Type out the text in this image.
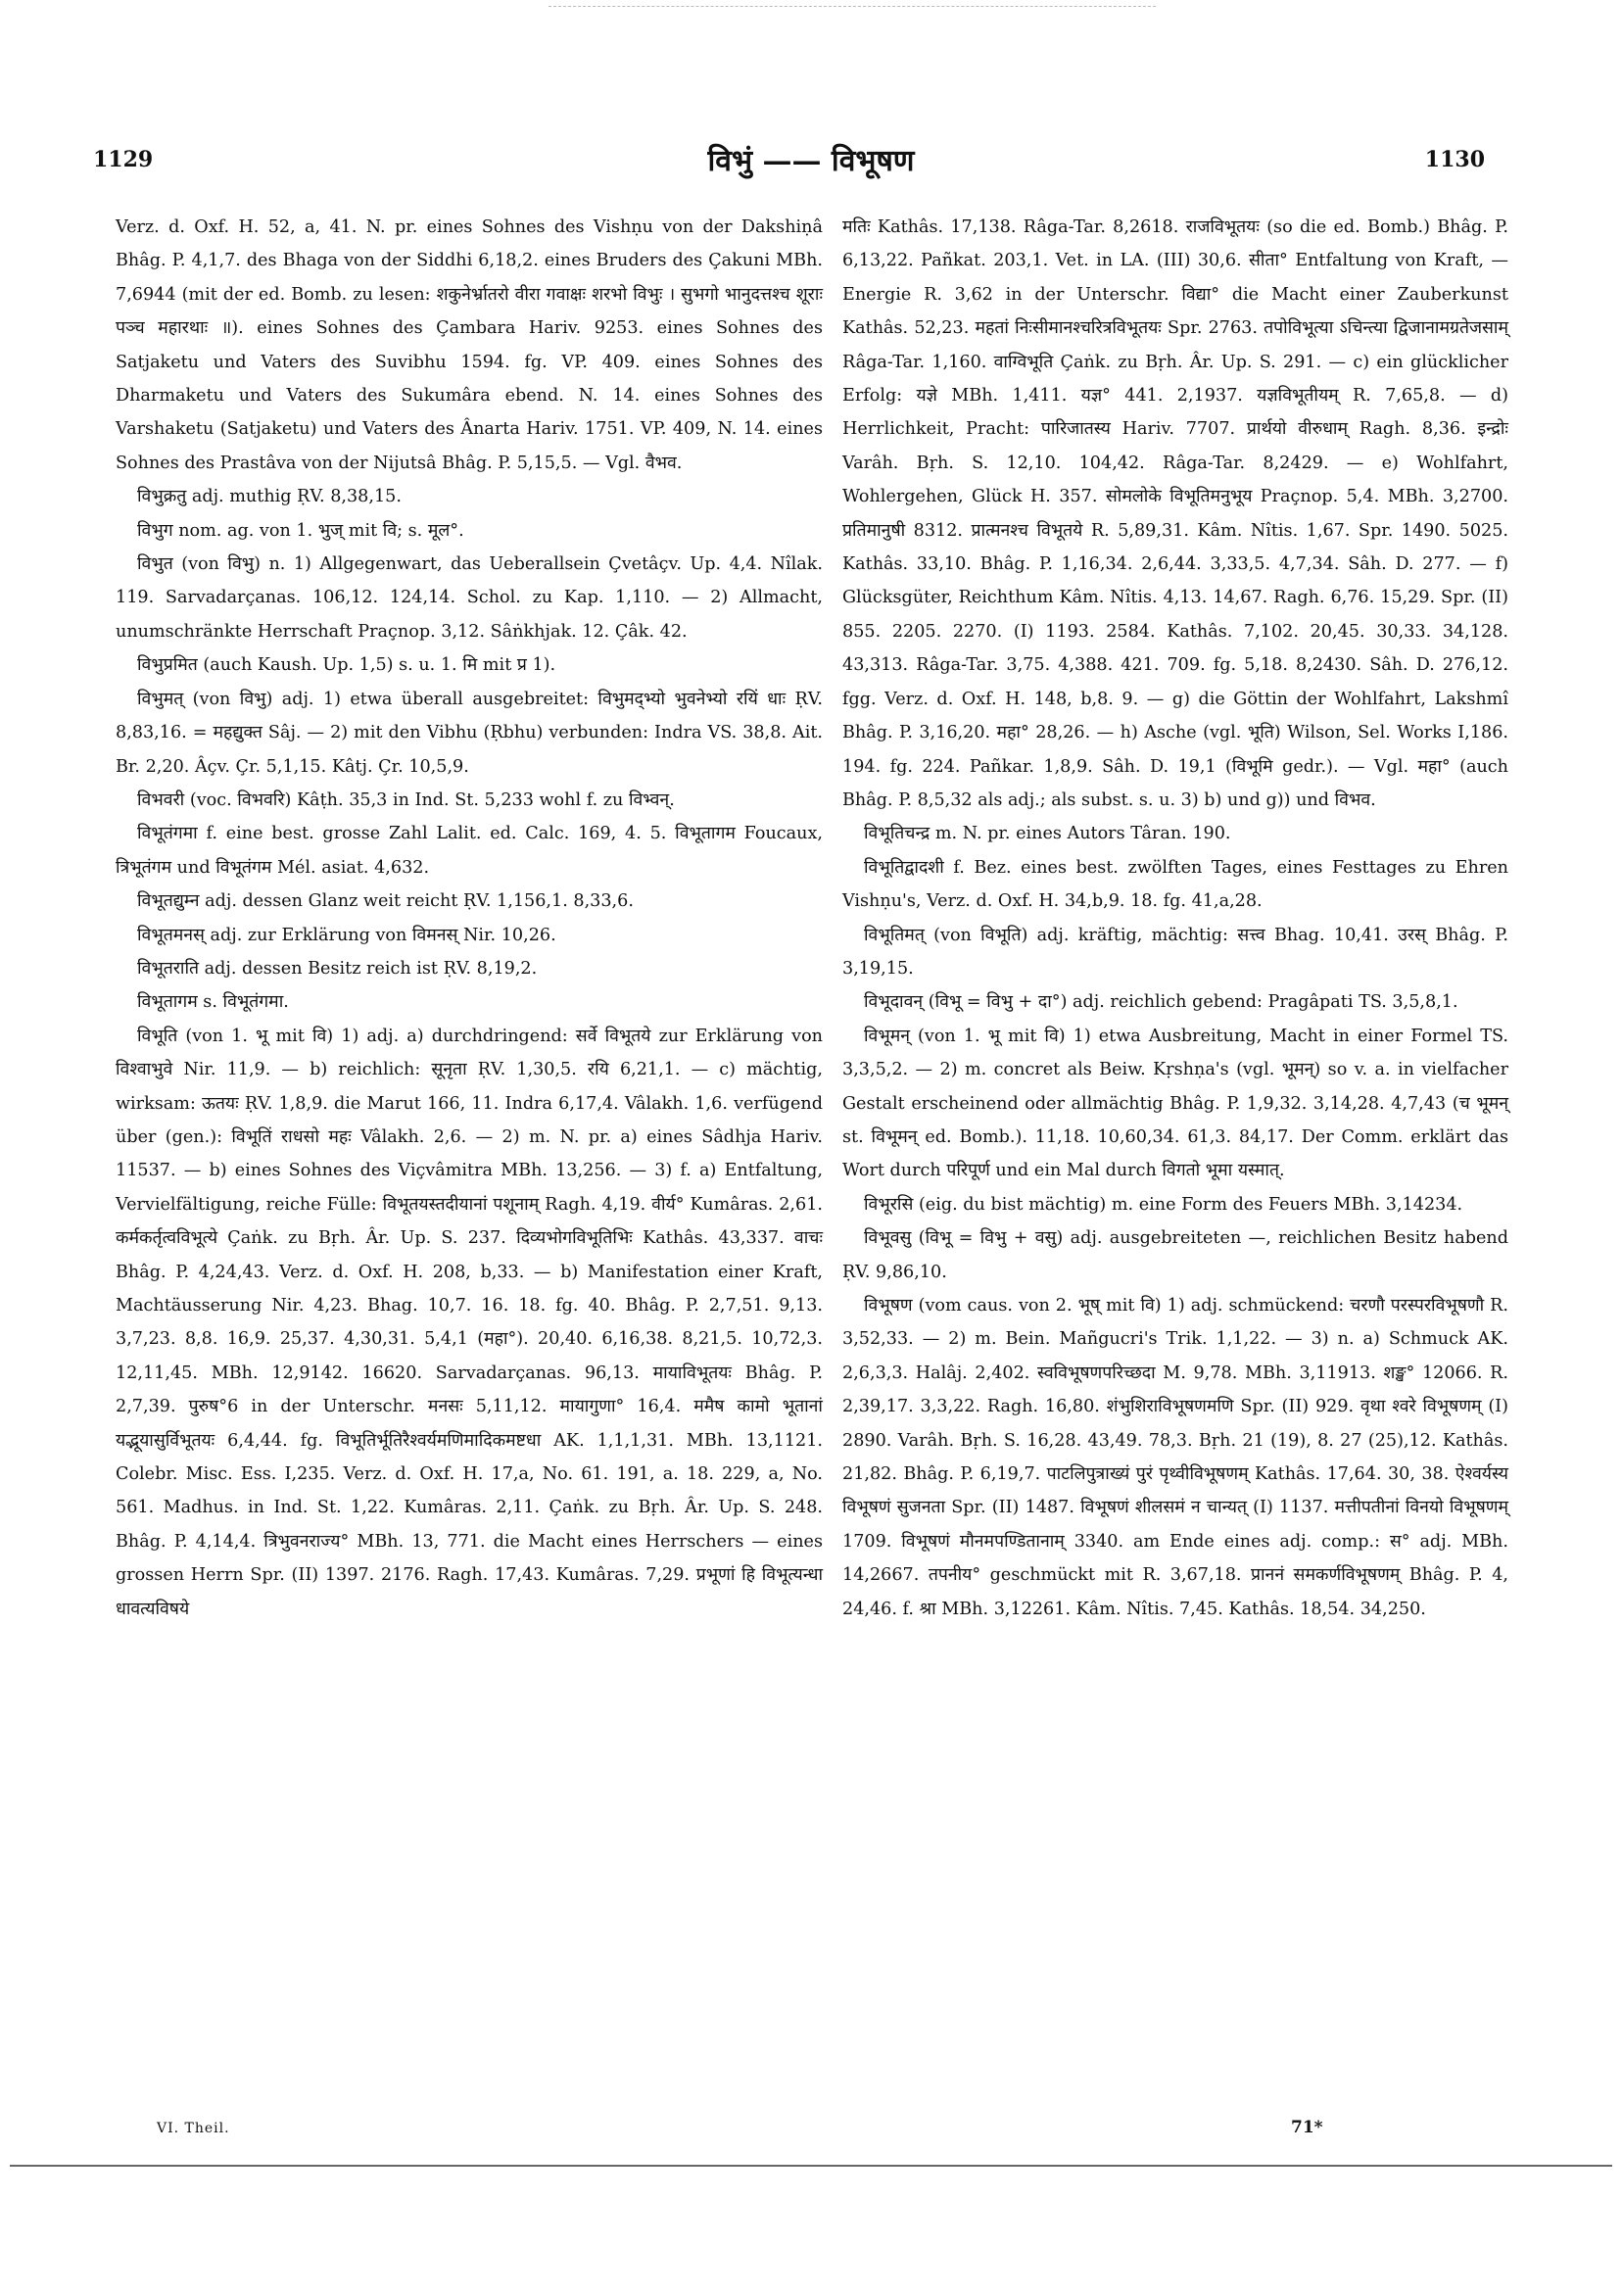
1129	विभुं —— विभूषण	1130

Verz. d. Oxf. H. 52, a, 41. N. pr. eines Sohnes des Vishṇu von der Dakshiṇâ Bhâg. P. 4,1,7. des Bhaga von der Siddhi 6,18,2. eines Bruders des Çakuni MBh. 7,6944 (mit der ed. Bomb. zu lesen: शकुनेर्भ्रातरो वीरा गवाक्षः शरभो विभुः । सुभगो भानुदत्तश्च शूराः पञ्च महारथाः ॥). eines Sohnes des Çambara Hariv. 9253. eines Sohnes des Satjaketu und Vaters des Suvibhu 1594. fg. VP. 409. eines Sohnes des Dharmaketu und Vaters des Sukumâra ebend. N. 14. eines Sohnes des Varshaketu (Satjaketu) und Vaters des Ânarta Hariv. 1751. VP. 409, N. 14. eines Sohnes des Prastâva von der Nijutsâ Bhâg. P. 5,15,5. — Vgl. वैभव.

विभुक्रतु adj. muthig ṚV. 8,38,15.

विभुग nom. ag. von 1. भुज् mit वि; s. मूल°.

विभुत (von विभु) n. 1) Allgegenwart, das Ueberallsein Çvetâçv. Up. 4,4. Nîlak. 119. Sarvadarçanas. 106,12. 124,14. Schol. zu Kap. 1,110. — 2) Allmacht, unumschränkte Herrschaft Praçnop. 3,12. Sâṅkhjak. 12. Çâk. 42.

विभुप्रमित (auch Kaush. Up. 1,5) s. u. 1. मि mit प्र 1).

विभुमत् (von विभु) adj. 1) etwa überall ausgebreitet: विभुमद्भ्यो भुवनेभ्यो रयिं धाः ṚV. 8,83,16. = महद्युक्त Sâj. — 2) mit den Vibhu (Ṛbhu) verbunden: Indra VS. 38,8. Ait. Br. 2,20. Âçv. Çr. 5,1,15. Kâtj. Çr. 10,5,9.

विभवरी (voc. विभवरि) Kâṭh. 35,3 in Ind. St. 5,233 wohl f. zu विभ्वन्.

विभूतंगमा f. eine best. grosse Zahl Lalit. ed. Calc. 169, 4. 5. विभूतागम Foucaux, त्रिभूतंगम und विभूतंगम Mél. asiat. 4,632.

विभूतद्युम्न adj. dessen Glanz weit reicht ṚV. 1,156,1. 8,33,6.

विभूतमनस् adj. zur Erklärung von विमनस् Nir. 10,26.

विभूतराति adj. dessen Besitz reich ist ṚV. 8,19,2.

विभूतागम s. विभूतंगमा.

विभूति (von 1. भू mit वि) 1) adj. a) durchdringend: सर्वे विभूतये zur Erklärung von विश्वाभुवे Nir. 11,9. — b) reichlich: सूनृता ṚV. 1,30,5. रयि 6,21,1. — c) mächtig, wirksam: ऊतयः ṚV. 1,8,9. die Marut 166, 11. Indra 6,17,4. Vâlakh. 1,6. verfügend über (gen.): विभूतिं राधसो महः Vâlakh. 2,6. — 2) m. N. pr. a) eines Sâdhja Hariv. 11537. — b) eines Sohnes des Viçvâmitra MBh. 13,256. — 3) f. a) Entfaltung, Vervielfältigung, reiche Fülle: विभूतयस्तदीयानां पशूनाम् Ragh. 4,19. वीर्य° Kumâras. 2,61. कर्मकर्तृत्वविभूत्ये Çaṅk. zu Bṛh. Âr. Up. S. 237. दिव्यभोगविभूतिभिः Kathâs. 43,337. वाचः Bhâg. P. 4,24,43. Verz. d. Oxf. H. 208, b,33. — b) Manifestation einer Kraft, Machtäusserung Nir. 4,23. Bhag. 10,7. 16. 18. fg. 40. Bhâg. P. 2,7,51. 9,13. 3,7,23. 8,8. 16,9. 25,37. 4,30,31. 5,4,1 (महा°). 20,40. 6,16,38. 8,21,5. 10,72,3. 12,11,45. MBh. 12,9142. 16620. Sarvadarçanas. 96,13. मायाविभूतयः Bhâg. P. 2,7,39. पुरुष°6 in der Unterschr. मनसः 5,11,12. मायागुणा° 16,4. ममैष कामो भूतानां यद्भूयासुर्विभूतयः 6,4,44. fg. विभूतिर्भूतिरैश्वर्यमणिमादिकमष्टधा AK. 1,1,1,31. MBh. 13,1121. Colebr. Misc. Ess. I,235. Verz. d. Oxf. H. 17,a, No. 61. 191, a. 18. 229, a, No. 561. Madhus. in Ind. St. 1,22. Kumâras. 2,11. Çaṅk. zu Bṛh. Âr. Up. S. 248. Bhâg. P. 4,14,4. त्रिभुवनराज्य° MBh. 13, 771. die Macht eines Herrschers — eines grossen Herrn Spr. (II) 1397. 2176. Ragh. 17,43. Kumâras. 7,29. प्रभूणां हि विभूत्यन्धा धावत्यविषये

मतिः Kathâs. 17,138. Râga-Tar. 8,2618. राजविभूतयः (so die ed. Bomb.) Bhâg. P. 6,13,22. Pañkat. 203,1. Vet. in LA. (III) 30,6. सीता° Entfaltung von Kraft, — Energie R. 3,62 in der Unterschr. विद्या° die Macht einer Zauberkunst Kathâs. 52,23. महतां निःसीमानश्चरित्रविभूतयः Spr. 2763. तपोविभूत्या ऽचिन्त्या द्विजानामग्रतेजसाम् Râga-Tar. 1,160. वाग्विभूति Çaṅk. zu Bṛh. Âr. Up. S. 291. — c) ein glücklicher Erfolg: यज्ञे MBh. 1,411. यज्ञ° 441. 2,1937. यज्ञविभूतीयम् R. 7,65,8. — d) Herrlichkeit, Pracht: पारिजातस्य Hariv. 7707. प्रार्थयो वीरुधाम् Ragh. 8,36. इन्द्रोः Varâh. Bṛh. S. 12,10. 104,42. Râga-Tar. 8,2429. — e) Wohlfahrt, Wohlergehen, Glück H. 357. सोमलोके विभूतिमनुभूय Praçnop. 5,4. MBh. 3,2700. प्रतिमानुषी 8312. प्रात्मनश्च विभूतये R. 5,89,31. Kâm. Nîtis. 1,67. Spr. 1490. 5025. Kathâs. 33,10. Bhâg. P. 1,16,34. 2,6,44. 3,33,5. 4,7,34. Sâh. D. 277. — f) Glücksgüter, Reichthum Kâm. Nîtis. 4,13. 14,67. Ragh. 6,76. 15,29. Spr. (II) 855. 2205. 2270. (I) 1193. 2584. Kathâs. 7,102. 20,45. 30,33. 34,128. 43,313. Râga-Tar. 3,75. 4,388. 421. 709. fg. 5,18. 8,2430. Sâh. D. 276,12. fgg. Verz. d. Oxf. H. 148, b,8. 9. — g) die Göttin der Wohlfahrt, Lakshmî Bhâg. P. 3,16,20. महा° 28,26. — h) Asche (vgl. भूति) Wilson, Sel. Works I,186. 194. fg. 224. Pañkar. 1,8,9. Sâh. D. 19,1 (विभूमि gedr.). — Vgl. महा° (auch Bhâg. P. 8,5,32 als adj.; als subst. s. u. 3) b) und g)) und विभव.

विभूतिचन्द्र m. N. pr. eines Autors Târan. 190.

विभूतिद्वादशी f. Bez. eines best. zwölften Tages, eines Festtages zu Ehren Vishṇu's, Verz. d. Oxf. H. 34,b,9. 18. fg. 41,a,28.

विभूतिमत् (von विभूति) adj. kräftig, mächtig: सत्त्व Bhag. 10,41. उरस् Bhâg. P. 3,19,15.

विभूदावन् (विभू = विभु + दा°) adj. reichlich gebend: Pragâpati TS. 3,5,8,1.

विभूमन् (von 1. भू mit वि) 1) etwa Ausbreitung, Macht in einer Formel TS. 3,3,5,2. — 2) m. concret als Beiw. Kṛshṇa's (vgl. भूमन्) so v. a. in vielfacher Gestalt erscheinend oder allmächtig Bhâg. P. 1,9,32. 3,14,28. 4,7,43 (च भूमन् st. विभूमन् ed. Bomb.). 11,18. 10,60,34. 61,3. 84,17. Der Comm. erklärt das Wort durch परिपूर्ण und ein Mal durch विगतो भूमा यस्मात्.

विभूरसि (eig. du bist mächtig) m. eine Form des Feuers MBh. 3,14234.

विभूवसु (विभू = विभु + वसु) adj. ausgebreiteten —, reichlichen Besitz habend ṚV. 9,86,10.

विभूषण (vom caus. von 2. भूष् mit वि) 1) adj. schmückend: चरणौ परस्परविभूषणौ R. 3,52,33. — 2) m. Bein. Mañgucri's Trik. 1,1,22. — 3) n. a) Schmuck AK. 2,6,3,3. Halâj. 2,402. स्वविभूषणपरिच्छदा M. 9,78. MBh. 3,11913. शङ्ख° 12066. R. 2,39,17. 3,3,22. Ragh. 16,80. शंभुशिराविभूषणमणि Spr. (II) 929. वृथा श्वरे विभूषणम् (I) 2890. Varâh. Bṛh. S. 16,28. 43,49. 78,3. Bṛh. 21 (19), 8. 27 (25),12. Kathâs. 21,82. Bhâg. P. 6,19,7. पाटलिपुत्राख्यं पुरं पृथ्वीविभूषणम् Kathâs. 17,64. 30, 38. ऐश्वर्यस्य विभूषणं सुजनता Spr. (II) 1487. विभूषणं शीलसमं न चान्यत् (I) 1137. मत्तीपतीनां विनयो विभूषणम् 1709. विभूषणं मौनमपण्डितानाम् 3340. am Ende eines adj. comp.: स° adj. MBh. 14,2667. तपनीय° geschmückt mit R. 3,67,18. प्राननं समकर्णविभूषणम् Bhâg. P. 4, 24,46. f. श्रा MBh. 3,12261. Kâm. Nîtis. 7,45. Kathâs. 18,54. 34,250.

VI. Theil.	71*
